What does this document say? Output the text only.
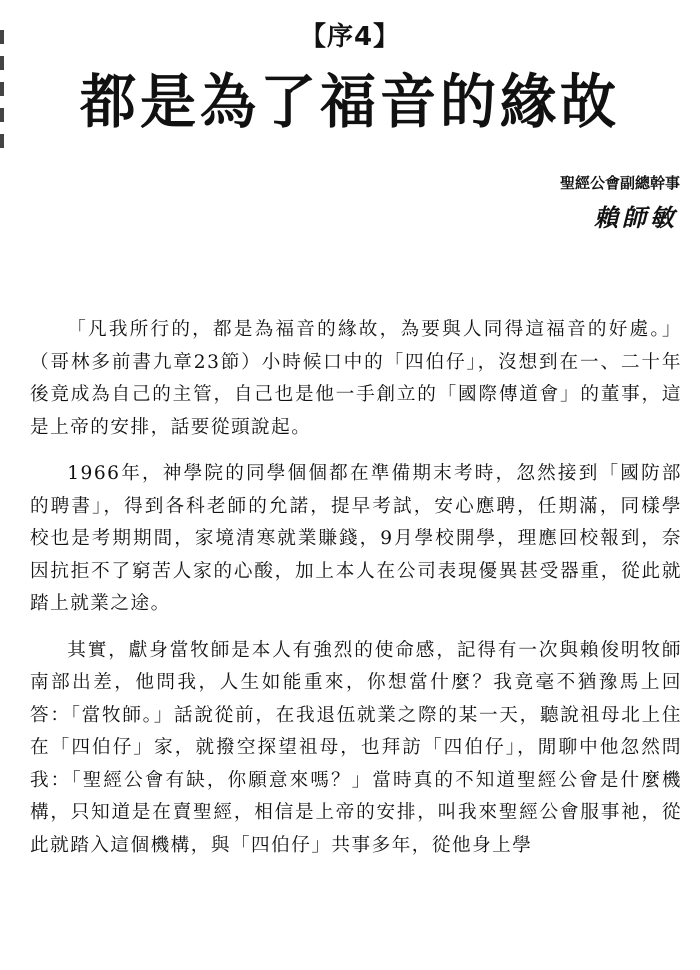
【序4】
都是為了福音的緣故
聖經公會副總幹事
賴師敏

「凡我所行的，都是為福音的緣故，為要與人同得這福音的好處。」（哥林多前書九章23節）小時候口中的「四伯仔」，沒想到在一、二十年後竟成為自己的主管，自己也是他一手創立的「國際傳道會」的董事，這是上帝的安排，話要從頭說起。

1966年，神學院的同學個個都在準備期末考時，忽然接到「國防部的聘書」，得到各科老師的允諾，提早考試，安心應聘，任期滿，同樣學校也是考期期間，家境清寒就業賺錢，9月學校開學，理應回校報到，奈因抗拒不了窮苦人家的心酸，加上本人在公司表現優異甚受器重，從此就踏上就業之途。

其實，獻身當牧師是本人有強烈的使命感，記得有一次與賴俊明牧師南部出差，他問我，人生如能重來，你想當什麼？我竟毫不猶豫馬上回答：「當牧師。」話說從前，在我退伍就業之際的某一天，聽說祖母北上住在「四伯仔」家，就撥空探望祖母，也拜訪「四伯仔」，閒聊中他忽然問我：「聖經公會有缺，你願意來嗎？」當時真的不知道聖經公會是什麼機構，只知道是在賣聖經，相信是上帝的安排，叫我來聖經公會服事祂，從此就踏入這個機構，與「四伯仔」共事多年，從他身上學
